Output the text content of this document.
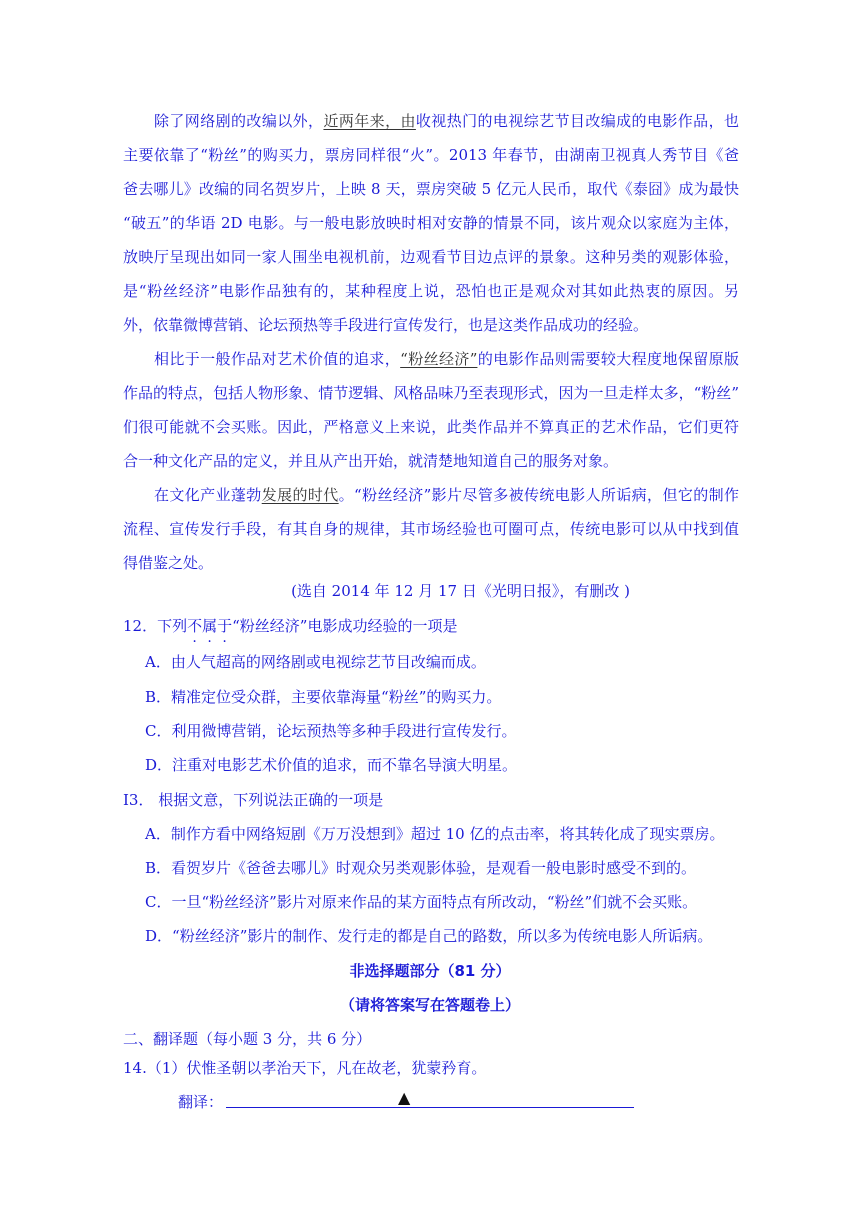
除了网络剧的改编以外，近两年来，由收视热门的电视综艺节目改编成的电影作品，也
主要依靠了“粉丝”的购买力，票房同样很“火”。2013 年春节，由湖南卫视真人秀节目《爸
爸去哪儿》改编的同名贺岁片，上映 8 天，票房突破 5 亿元人民币，取代《泰囧》成为最快
“破五”的华语 2D 电影。与一般电影放映时相对安静的情景不同，该片观众以家庭为主体，
放映厅呈现出如同一家人围坐电视机前，边观看节目边点评的景象。这种另类的观影体验，
是“粉丝经济”电影作品独有的，某种程度上说，恐怕也正是观众对其如此热衷的原因。另
外，依靠微博营销、论坛预热等手段进行宣传发行，也是这类作品成功的经验。
相比于一般作品对艺术价值的追求，“粉丝经济”的电影作品则需要较大程度地保留原版
作品的特点，包括人物形象、情节逻辑、风格品味乃至表现形式，因为一旦走样太多，“粉丝”
们很可能就不会买账。因此，严格意义上来说，此类作品并不算真正的艺术作品，它们更符
合一种文化产品的定义，并且从产出开始，就清楚地知道自己的服务对象。
在文化产业蓬勃发展的时代。“粉丝经济”影片尽管多被传统电影人所诟病，但它的制作
流程、宣传发行手段，有其自身的规律，其市场经验也可圈可点，传统电影可以从中找到值
得借鉴之处。
(选自 2014 年 12 月 17 日《光明日报》，有删改 )
12．下列不属于“粉丝经济”电影成功经验的一项是
A．由人气超高的网络剧或电视综艺节目改编而成。
B．精准定位受众群，主要依靠海量“粉丝”的购买力。
C．利用微博营销，论坛预热等多种手段进行宣传发行。
D．注重对电影艺术价值的追求，而不靠名导演大明星。
I3． 根据文意，下列说法正确的一项是
A．制作方看中网络短剧《万万没想到》超过 10 亿的点击率，将其转化成了现实票房。
B．看贺岁片《爸爸去哪儿》时观众另类观影体验，是观看一般电影时感受不到的。
C．一旦“粉丝经济”影片对原来作品的某方面特点有所改动，“粉丝”们就不会买账。
D．“粉丝经济”影片的制作、发行走的都是自己的路数，所以多为传统电影人所诟病。
非选择题部分（81 分）
（请将答案写在答题卷上）
二、翻译题（每小题 3 分，共 6 分）
14.（1）伏惟圣朝以孝治天下，凡在故老，犹蒙矜育。
翻译：	▲
